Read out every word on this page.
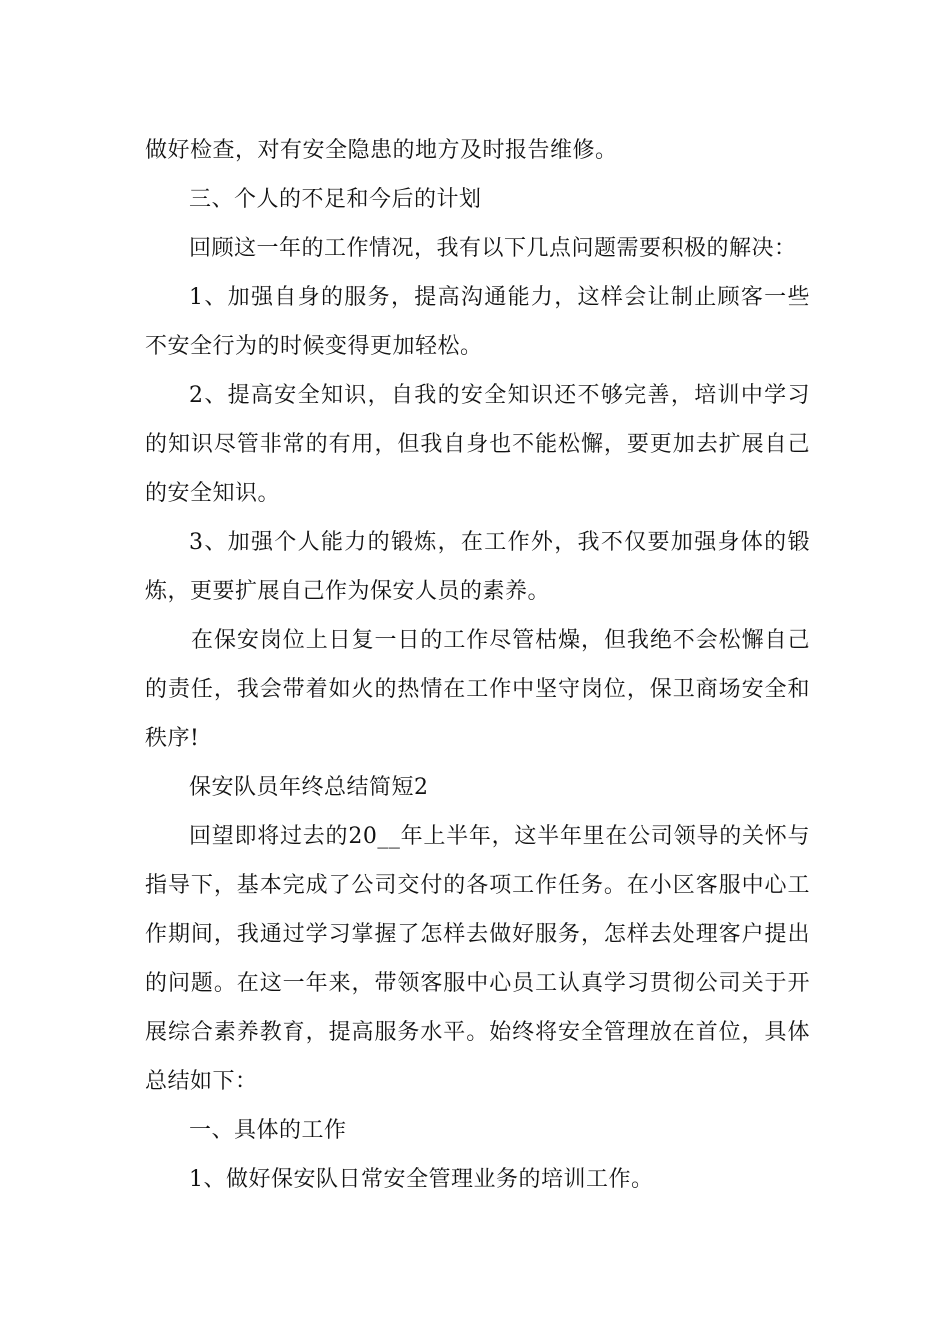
做好检查，对有安全隐患的地方及时报告维修。

三、个人的不足和今后的计划

回顾这一年的工作情况，我有以下几点问题需要积极的解决：

1、加强自身的服务，提高沟通能力，这样会让制止顾客一些不安全行为的时候变得更加轻松。

2、提高安全知识，自我的安全知识还不够完善，培训中学习的知识尽管非常的有用，但我自身也不能松懈，要更加去扩展自己的安全知识。

3、加强个人能力的锻炼，在工作外，我不仅要加强身体的锻炼，更要扩展自己作为保安人员的素养。

在保安岗位上日复一日的工作尽管枯燥，但我绝不会松懈自己的责任，我会带着如火的热情在工作中坚守岗位，保卫商场安全和秩序!

保安队员年终总结简短2

回望即将过去的20__年上半年，这半年里在公司领导的关怀与指导下，基本完成了公司交付的各项工作任务。在小区客服中心工作期间，我通过学习掌握了怎样去做好服务，怎样去处理客户提出的问题。在这一年来，带领客服中心员工认真学习贯彻公司关于开展综合素养教育，提高服务水平。始终将安全管理放在首位，具体总结如下：

一、具体的工作

1、做好保安队日常安全管理业务的培训工作。
